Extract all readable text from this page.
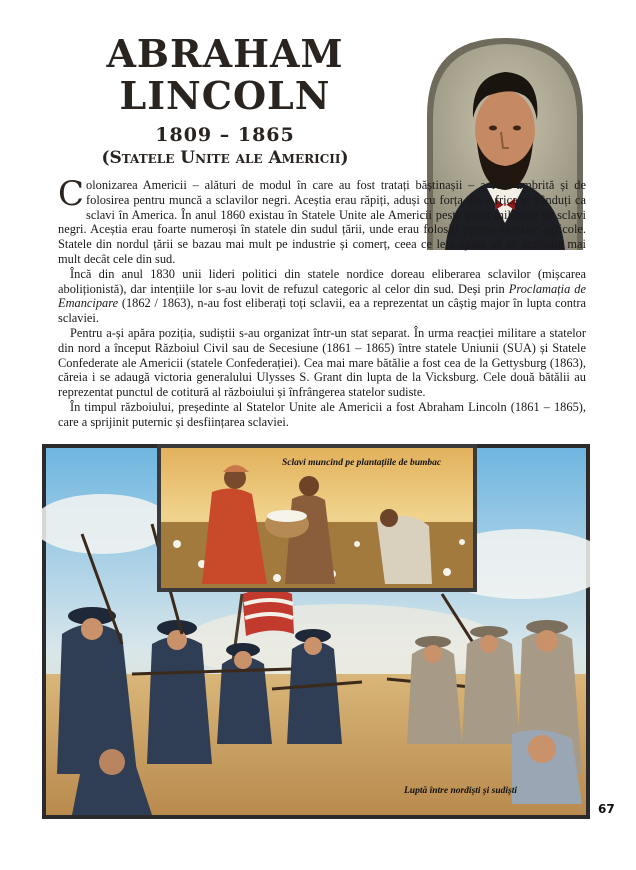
ABRAHAM
LINCOLN
1809 – 1865
(Statele Unite ale Americii)

Colonizarea Americii – alături de modul în care au fost tratați băștinașii – a fost umbrită și de folosirea pentru muncă a sclavilor negri. Aceștia erau răpiți, aduși cu forța din Africa și vânduți ca sclavi în America. În anul 1860 existau în Statele Unite ale Americii peste patru milioane de sclavi negri. Aceștia erau foarte numeroși în statele din sudul țării, unde erau folosiți pentru muncile agricole. Statele din nordul țării se bazau mai mult pe industrie și comerț, ceea ce le-a ajutat să se dezvolte mai mult decât cele din sud.

Încă din anul 1830 unii lideri politici din statele nordice doreau eliberarea sclavilor (mișcarea aboliționistă), dar intențiile lor s-au lovit de refuzul categoric al celor din sud. Deși prin Proclamația de Emancipare (1862 / 1863), n-au fost eliberați toți sclavii, ea a reprezentat un câștig major în lupta contra sclaviei.

Pentru a-și apăra poziția, sudiștii s-au organizat într-un stat separat. În urma reacției militare a statelor din nord a început Războiul Civil sau de Secesiune (1861 – 1865) între statele Uniunii (SUA) și Statele Confederate ale Americii (statele Confederației). Cea mai mare bătălie a fost cea de la Gettysburg (1863), căreia i se adaugă victoria generalului Ulysses S. Grant din lupta de la Vicksburg. Cele două bătălii au reprezentat punctul de cotitură al războiului și înfrângerea statelor sudiste.

În timpul războiului, președinte al Statelor Unite ale Americii a fost Abraham Lincoln (1861 – 1865), care a sprijinit puternic și desființarea sclaviei.

Sclavi muncind pe plantațiile de bumbac
Luptă între nordiști și sudiști
67
